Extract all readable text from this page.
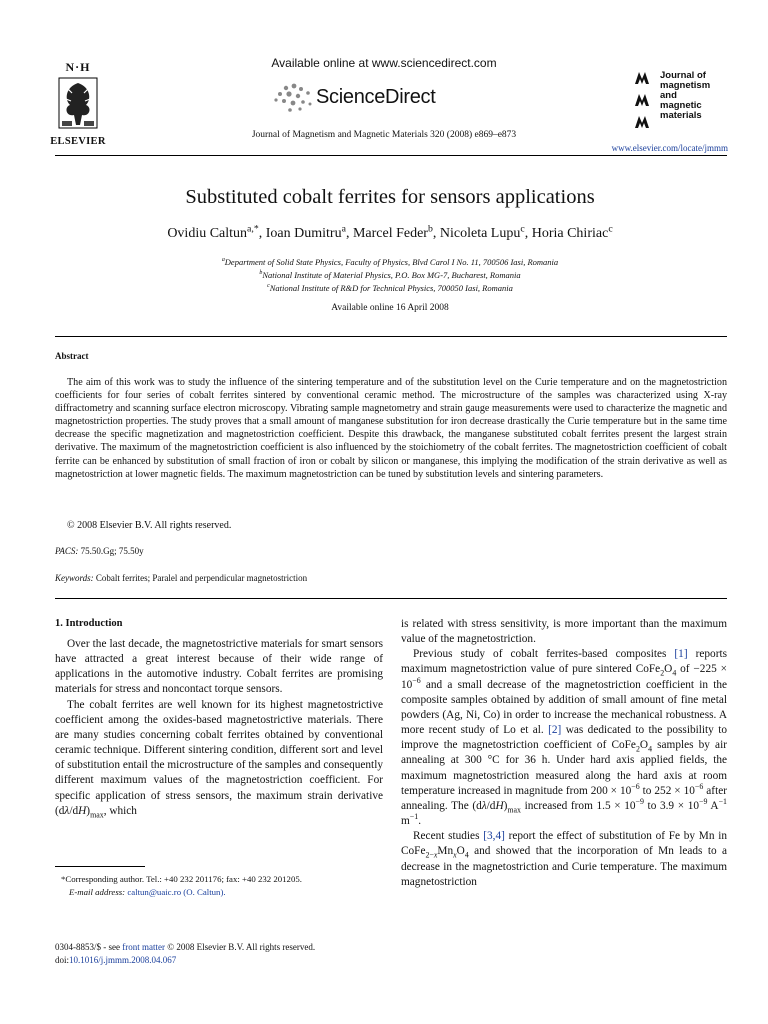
N·H
ELSEVIER
Available online at www.sciencedirect.com
ScienceDirect
Journal of Magnetism and Magnetic Materials 320 (2008) e869–e873
Journal of
magnetism
and
magnetic
materials
www.elsevier.com/locate/jmmm
Substituted cobalt ferrites for sensors applications
Ovidiu Caltun$^{a,*}$, Ioan Dumitru$^a$, Marcel Feder$^b$, Nicoleta Lupu$^c$, Horia Chiriac$^c$
$^a$Department of Solid State Physics, Faculty of Physics, Blvd Carol I No. 11, 700506 Iasi, Romania
$^b$National Institute of Material Physics, P.O. Box MG-7, Bucharest, Romania
$^c$National Institute of R&D for Technical Physics, 700050 Iasi, Romania
Available online 16 April 2008
Abstract
The aim of this work was to study the influence of the sintering temperature and of the substitution level on the Curie temperature and on the magnetostriction coefficients for four series of cobalt ferrites sintered by conventional ceramic method. The microstructure of the samples was characterized using X-ray diffractometry and scanning surface electron microscopy. Vibrating sample magnetometry and strain gauge measurements were used to characterize the magnetic and magnetostriction properties. The study proves that a small amount of manganese substitution for iron decrease drastically the Curie temperature but in the same time decrease the specific magnetization and magnetostriction coefficient. Despite this drawback, the manganese substituted cobalt ferrites present the largest strain derivative. The maximum of the magnetostriction coefficient is also influenced by the stoichiometry of the cobalt ferrites. The magnetostriction coefficient of cobalt ferrite can be enhanced by substitution of small fraction of iron or cobalt by silicon or manganese, this implying the modification of the strain derivative as well as magnetostriction at lower magnetic fields. The maximum magnetostriction can be tuned by substitution levels and sintering parameters.
© 2008 Elsevier B.V. All rights reserved.
PACS: 75.50.Gg; 75.50y
Keywords: Cobalt ferrites; Paralel and perpendicular magnetostriction
1. Introduction

Over the last decade, the magnetostrictive materials for smart sensors have attracted a great interest because of their wide range of applications in the automotive industry. Cobalt ferrites are promising materials for stress and noncontact torque sensors.

The cobalt ferrites are well known for its highest magnetostrictive coefficient among the oxides-based magnetostrictive materials. There are many studies concerning cobalt ferrites obtained by conventional ceramic technique. Different sintering condition, different sort and level of substitution entail the microstructure of the samples and consequently different maximum values of the magnetostriction coefficient. For specific application of stress sensors, the maximum strain derivative $(d\lambda/dH)_{max}$, which

is related with stress sensitivity, is more important than the maximum value of the magnetostriction.

Previous study of cobalt ferrites-based composites [1] reports maximum magnetostriction value of pure sintered $CoFe_2O_4$ of $-225 \times 10^{-6}$ and a small decrease of the magnetostriction coefficient in the composite samples obtained by addition of small amount of fine metal powders (Ag, Ni, Co) in order to increase the mechanical robustness. A more recent study of Lo et al. [2] was dedicated to the possibility to improve the magnetostriction coefficient of $CoFe_2O_4$ samples by air annealing at 300 °C for 36 h. Under hard axis applied fields, the maximum magnetostriction measured along the hard axis at room temperature increased in magnitude from $200 \times 10^{-6}$ to $252 \times 10^{-6}$ after annealing. The $(d\lambda/dH)_{max}$ increased from $1.5 \times 10^{-9}$ to $3.9 \times 10^{-9}$ $A^{-1}$ $m^{-1}$.

Recent studies [3,4] report the effect of substitution of Fe by Mn in $CoFe_{2-x}Mn_xO_4$ and showed that the incorporation of Mn leads to a decrease in the magnetostriction and Curie temperature. The maximum magnetostriction

*Corresponding author. Tel.: +40 232 201176; fax: +40 232 201205.
E-mail address: caltun@uaic.ro (O. Caltun).
0304-8853/$ - see front matter © 2008 Elsevier B.V. All rights reserved.
doi:10.1016/j.jmmm.2008.04.067
